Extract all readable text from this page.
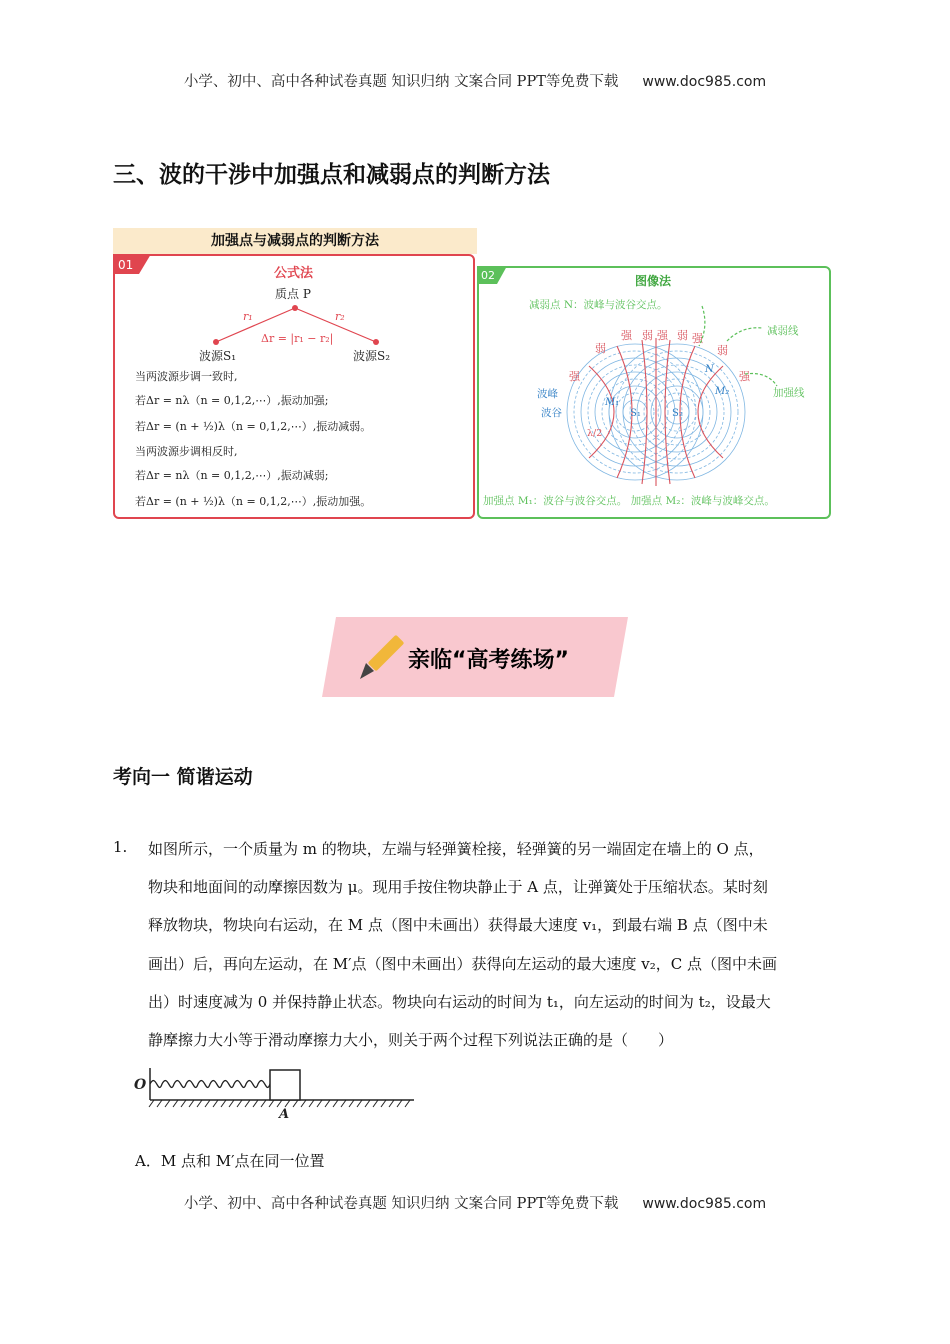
小学、初中、高中各种试卷真题 知识归纳 文案合同 PPT等免费下载 www.doc985.com
小学、初中、高中各种试卷真题 知识归纳 文案合同 PPT等免费下载 www.doc985.com
三、波的干涉中加强点和减弱点的判断方法
加强点与减弱点的判断方法
01
公式法
质点 P
r₁	r₂
Δr = |r₁ − r₂|
波源S₁	波源S₂
当两波源步调一致时,
若Δr = nλ（n = 0,1,2,⋯）,振动加强;
若Δr = (n + ½)λ（n = 0,1,2,⋯）,振动减弱。
当两波源步调相反时,
若Δr = nλ（n = 0,1,2,⋯）,振动减弱;
若Δr = (n + ½)λ（n = 0,1,2,⋯）,振动加强。
02	图像法
减弱点 N：波峰与波谷交点。
减弱线
加强线
强 弱 强 弱 强
弱	弱
强	强
波峰
波谷
λ/2
M₁
M₂
N
S₁	S₂
加强点 M₁：波谷与波谷交点。 加强点 M₂：波峰与波峰交点。
亲临“高考练场”
考向一 简谐运动
1. 如图所示，一个质量为 m 的物块，左端与轻弹簧栓接，轻弹簧的另一端固定在墙上的 O 点，
物块和地面间的动摩擦因数为 μ。现用手按住物块静止于 A 点，让弹簧处于压缩状态。某时刻
释放物块，物块向右运动，在 M 点（图中未画出）获得最大速度 v₁，到最右端 B 点（图中未
画出）后，再向左运动，在 M′点（图中未画出）获得向左运动的最大速度 v₂，C 点（图中未画
出）时速度减为 0 并保持静止状态。物块向右运动的时间为 t₁，向左运动的时间为 t₂，设最大
静摩擦力大小等于滑动摩擦力大小，则关于两个过程下列说法正确的是（　　）
O
A
A．M 点和 M′点在同一位置
